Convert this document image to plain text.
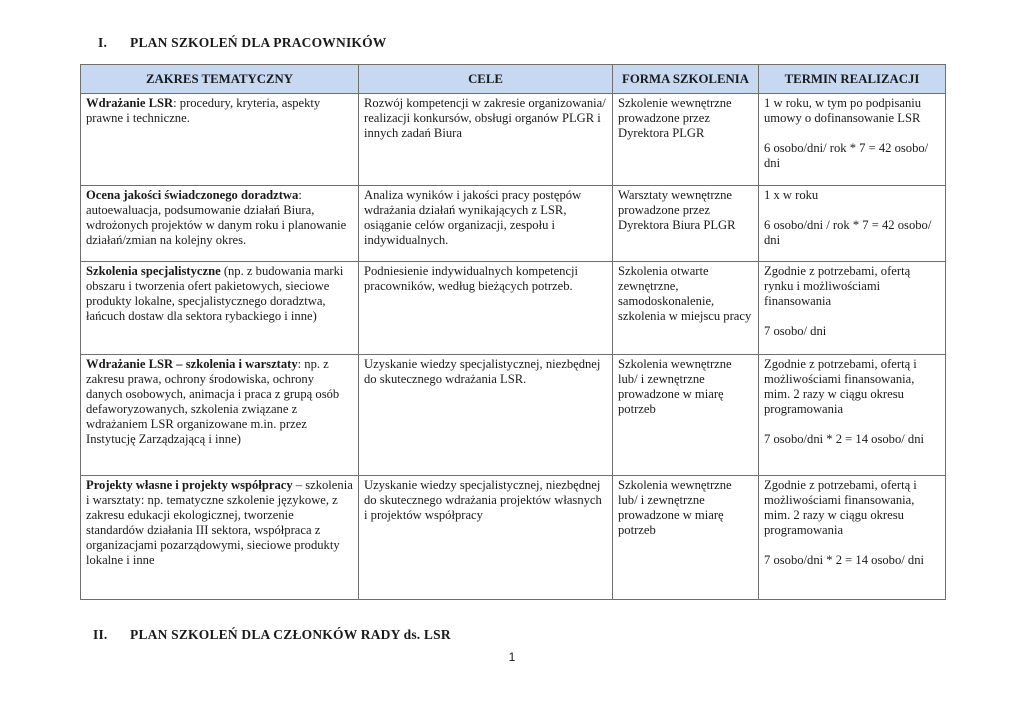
I. PLAN SZKOLEŃ DLA PRACOWNIKÓW
ZAKRES TEMATYCZNY	CELE	FORMA SZKOLENIA	TERMIN REALIZACJI
Wdrażanie LSR: procedury, kryteria, aspekty prawne i techniczne.	Rozwój kompetencji w zakresie organizowania/ realizacji konkursów, obsługi organów PLGR i innych zadań Biura	Szkolenie wewnętrzne prowadzone przez Dyrektora PLGR	1 w roku, w tym po podpisaniu umowy o dofinansowanie LSR

6 osobo/dni/ rok * 7 = 42 osobo/ dni

Ocena jakości świadczonego doradztwa: autoewaluacja, podsumowanie działań Biura, wdrożonych projektów w danym roku i planowanie działań/zmian na kolejny okres.	Analiza wyników i jakości pracy postępów wdrażania działań wynikających z LSR, osiąganie celów organizacji, zespołu i indywidualnych.	Warsztaty wewnętrzne prowadzone przez Dyrektora Biura PLGR	1 x w roku

6 osobo/dni / rok * 7 = 42 osobo/ dni

Szkolenia specjalistyczne (np. z budowania marki obszaru i tworzenia ofert pakietowych, sieciowe produkty lokalne, specjalistycznego doradztwa, łańcuch dostaw dla sektora rybackiego i inne)	Podniesienie indywidualnych kompetencji pracowników, według bieżących potrzeb.	Szkolenia otwarte zewnętrzne, samodoskonalenie, szkolenia w miejscu pracy	Zgodnie z potrzebami, ofertą rynku i możliwościami finansowania

7 osobo/ dni

Wdrażanie LSR – szkolenia i warsztaty: np. z zakresu prawa, ochrony środowiska, ochrony danych osobowych, animacja i praca z grupą osób defaworyzowanych, szkolenia związane z wdrażaniem LSR organizowane m.in. przez Instytucję Zarządzającą i inne)	Uzyskanie wiedzy specjalistycznej, niezbędnej do skutecznego wdrażania LSR.	Szkolenia wewnętrzne lub/ i zewnętrzne prowadzone w miarę potrzeb	Zgodnie z potrzebami, ofertą i możliwościami finansowania, mim. 2 razy w ciągu okresu programowania

7 osobo/dni * 2 = 14 osobo/ dni

Projekty własne i projekty współpracy – szkolenia i warsztaty: np. tematyczne szkolenie językowe, z zakresu edukacji ekologicznej, tworzenie standardów działania III sektora, współpraca z organizacjami pozarządowymi, sieciowe produkty lokalne i inne	Uzyskanie wiedzy specjalistycznej, niezbędnej do skutecznego wdrażania projektów własnych i projektów współpracy	Szkolenia wewnętrzne lub/ i zewnętrzne prowadzone w miarę potrzeb	Zgodnie z potrzebami, ofertą i możliwościami finansowania, mim. 2 razy w ciągu okresu programowania

7 osobo/dni * 2 = 14 osobo/ dni

II. PLAN SZKOLEŃ DLA CZŁONKÓW RADY ds. LSR
1
